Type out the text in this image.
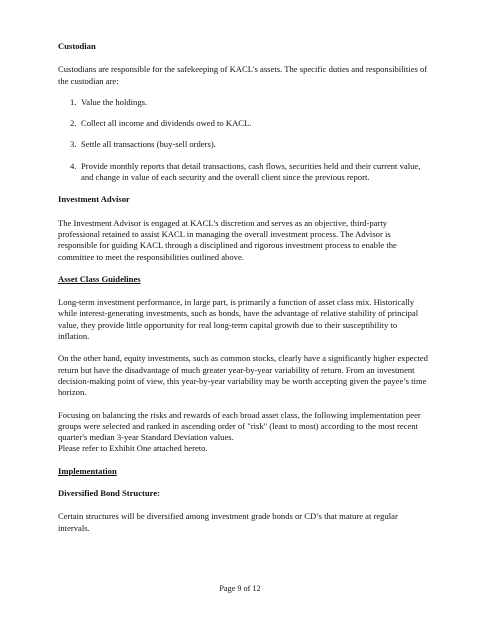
Custodian

Custodians are responsible for the safekeeping of KACL's assets. The specific duties and responsibilities of the custodian are:

1. Value the holdings.
2. Collect all income and dividends owed to KACL.
3. Settle all transactions (buy-sell orders).
4. Provide monthly reports that detail transactions, cash flows, securities held and their current value, and change in value of each security and the overall client since the previous report.

Investment Advisor

The Investment Advisor is engaged at KACL’s discretion and serves as an objective, third-party professional retained to assist KACL in managing the overall investment process. The Advisor is responsible for guiding KACL through a disciplined and rigorous investment process to enable the committee to meet the responsibilities outlined above.

Asset Class Guidelines

Long-term investment performance, in large part, is primarily a function of asset class mix. Historically while interest-generating investments, such as bonds, have the advantage of relative stability of principal value, they provide little opportunity for real long-term capital growth due to their susceptibility to inflation.

On the other hand, equity investments, such as common stocks, clearly have a significantly higher expected return but have the disadvantage of much greater year-by-year variability of return. From an investment decision-making point of view, this year-by-year variability may be worth accepting given the payee’s time horizon.

Focusing on balancing the risks and rewards of each broad asset class, the following implementation peer groups were selected and ranked in ascending order of "risk" (least to most) according to the most recent quarter's median 3-year Standard Deviation values.

Please refer to Exhibit One attached hereto.

Implementation

Diversified Bond Structure:

Certain structures will be diversified among investment grade bonds or CD’s that mature at regular intervals.

Page 9 of 12
